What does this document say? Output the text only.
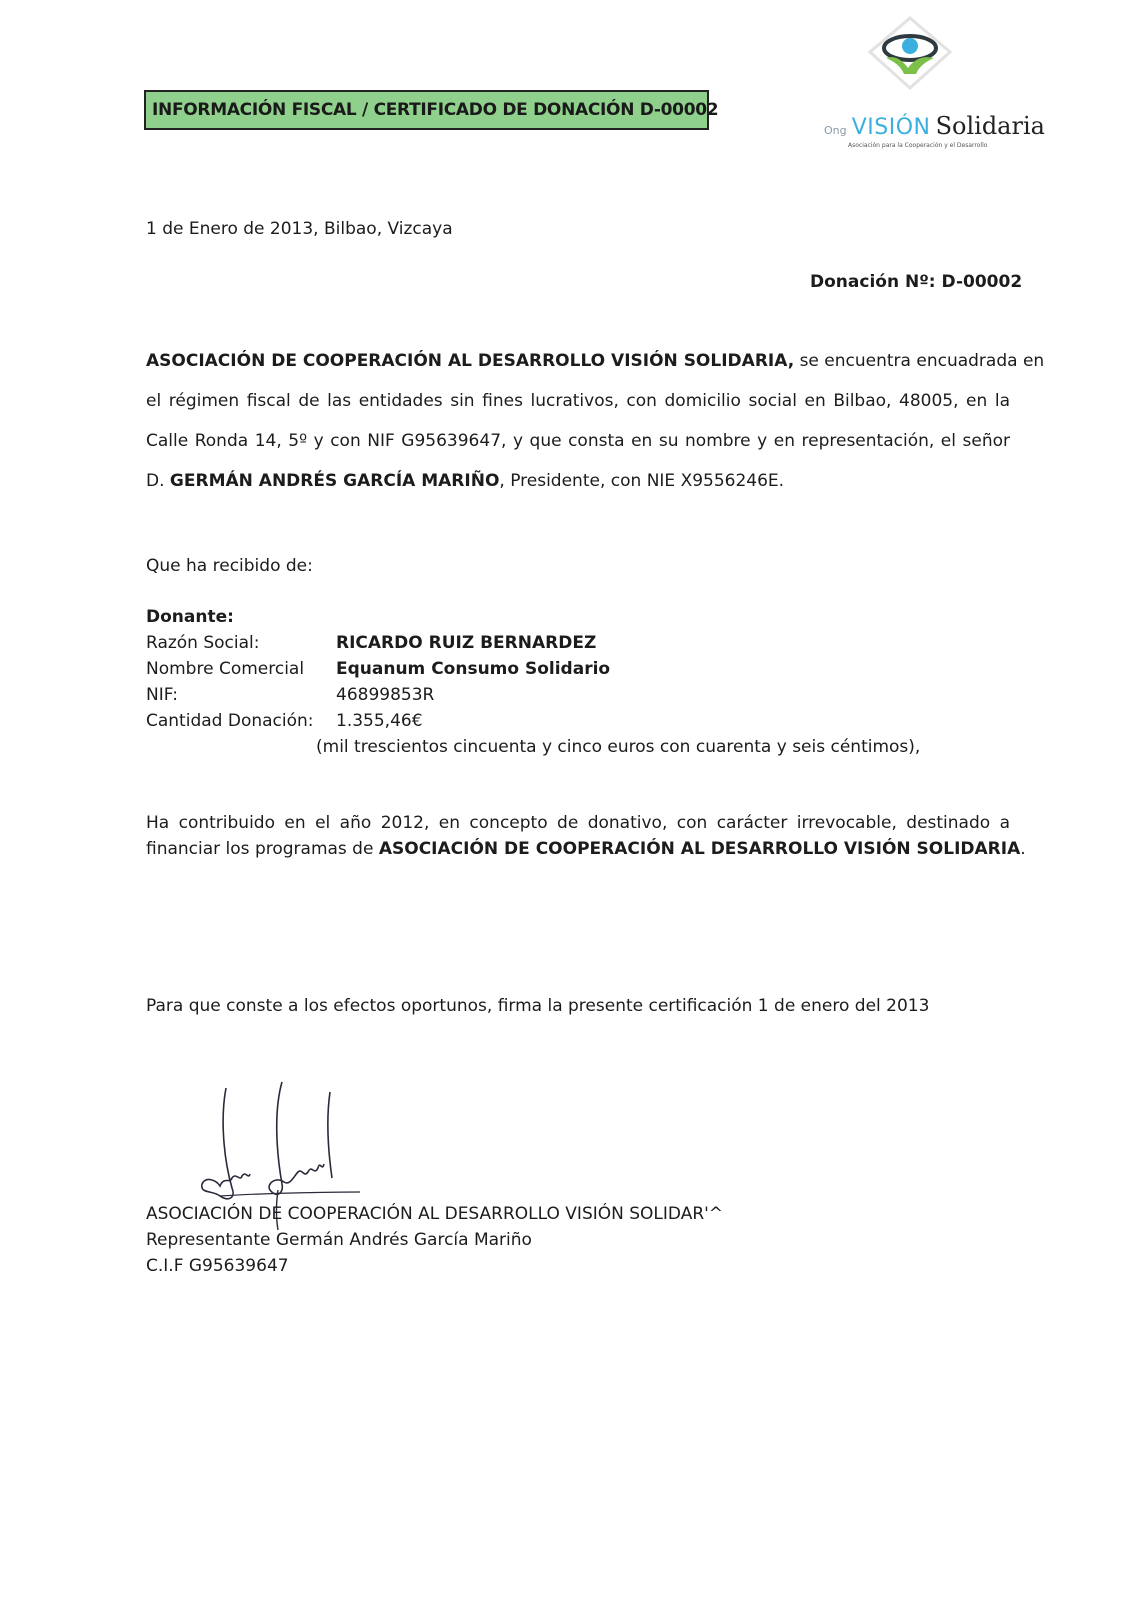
INFORMACIÓN FISCAL / CERTIFICADO DE DONACIÓN D-00002
Ong VISIÓN Solidaria
Asociación para la Cooperación y el Desarrollo
1 de Enero de 2013, Bilbao, Vizcaya
Donación Nº: D-00002
ASOCIACIÓN DE COOPERACIÓN AL DESARROLLO VISIÓN SOLIDARIA, se encuentra encuadrada en
el régimen fiscal de las entidades sin fines lucrativos, con domicilio social en Bilbao, 48005, en la
Calle Ronda 14, 5º y con NIF G95639647, y que consta en su nombre y en representación, el señor
D. GERMÁN ANDRÉS GARCÍA MARIÑO, Presidente, con NIE X9556246E.
Que ha recibido de:
Donante:
Razón Social:	RICARDO RUIZ BERNARDEZ
Nombre Comercial Equanum Consumo Solidario
NIF:	46899853R
Cantidad Donación: 1.355,46€
(mil trescientos cincuenta y cinco euros con cuarenta y seis céntimos),
Ha contribuido en el año 2012, en concepto de donativo, con carácter irrevocable, destinado a
financiar los programas de ASOCIACIÓN DE COOPERACIÓN AL DESARROLLO VISIÓN SOLIDARIA.
Para que conste a los efectos oportunos, firma la presente certificación 1 de enero del 2013
ASOCIACIÓN DE COOPERACIÓN AL DESARROLLO VISIÓN SOLIDAR'^
Representante Germán Andrés García Mariño
C.I.F G95639647
